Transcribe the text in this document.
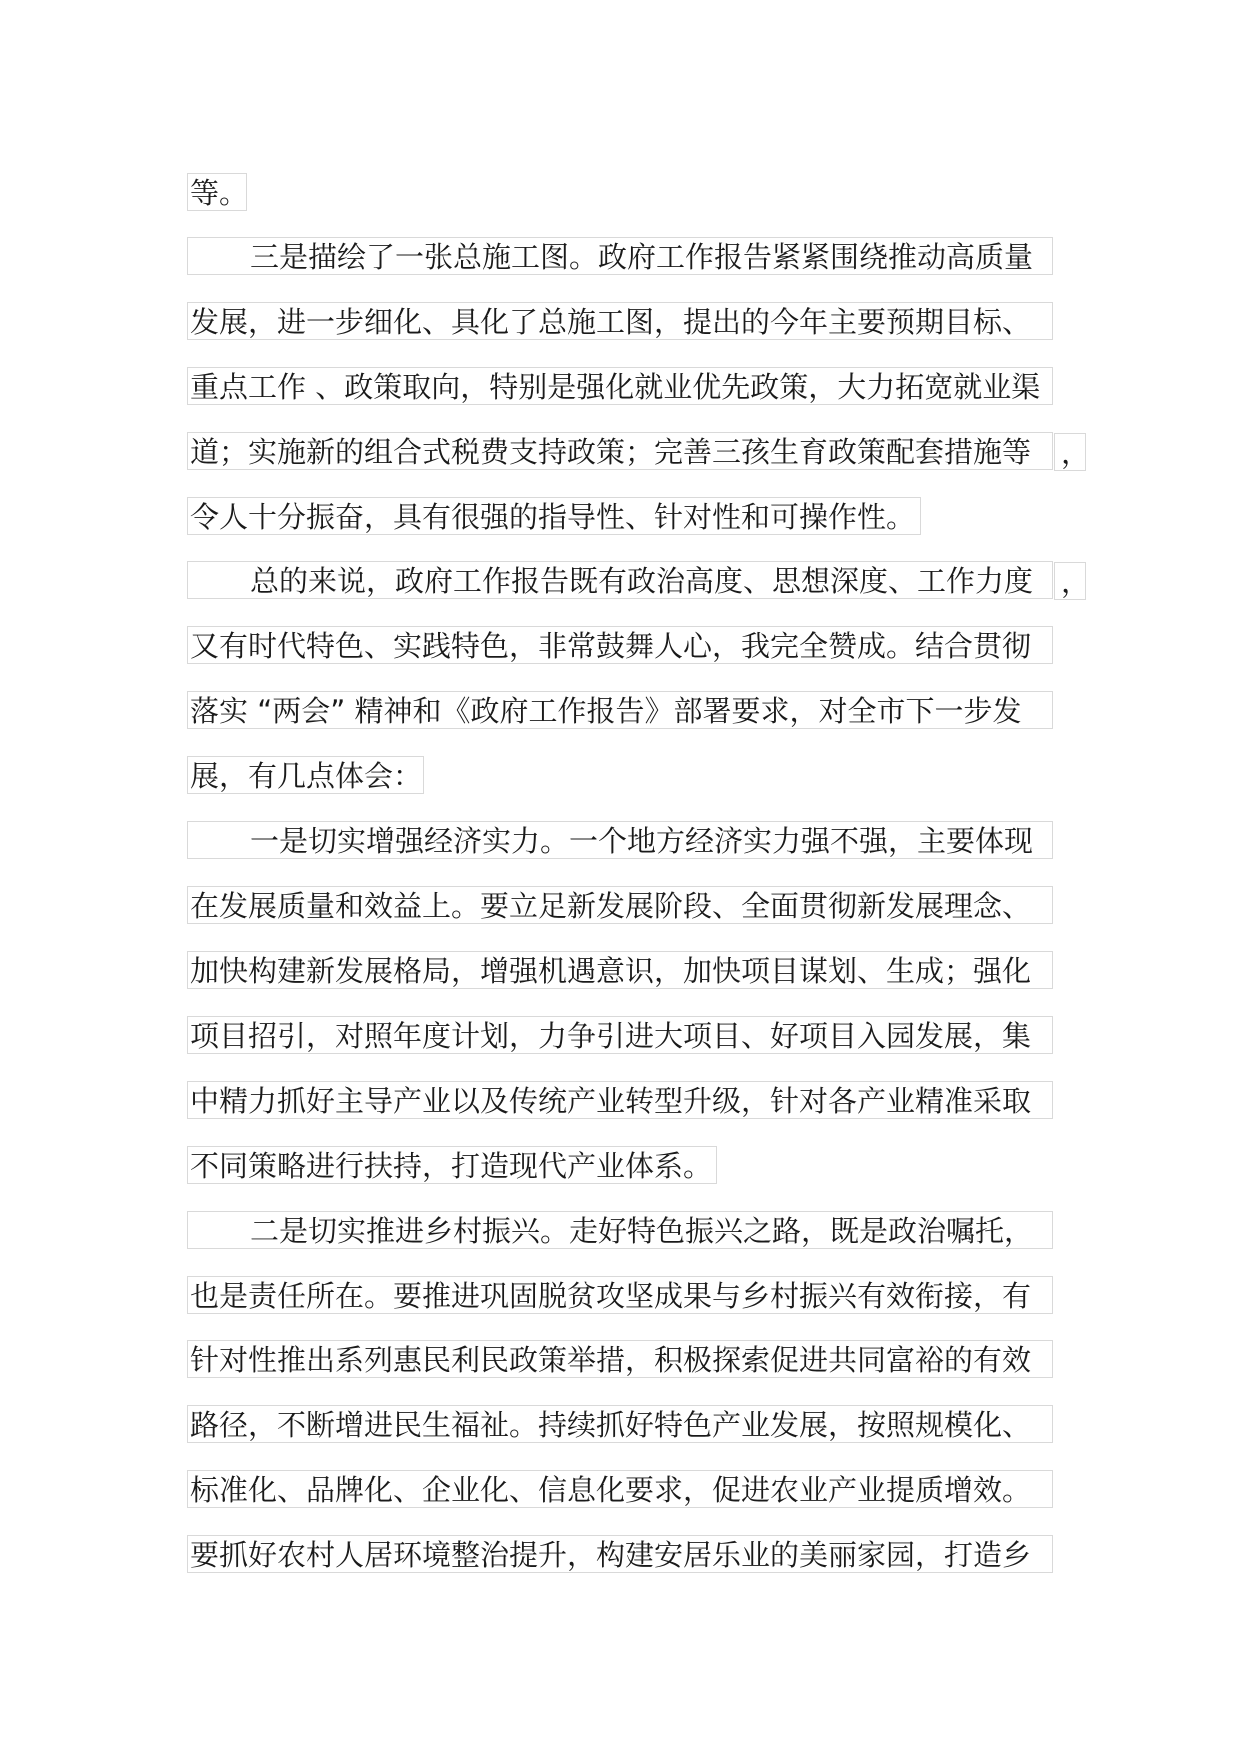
等。
三是描绘了一张总施工图。政府工作报告紧紧围绕推动高质量
发展，进一步细化、具化了总施工图，提出的今年主要预期目标、
重点工作 、政策取向，特别是强化就业优先政策，大力拓宽就业渠
道；实施新的组合式税费支持政策；完善三孩生育政策配套措施等 ，
令人十分振奋，具有很强的指导性、针对性和可操作性。
总的来说，政府工作报告既有政治高度、思想深度、工作力度 ，
又有时代特色、实践特色，非常鼓舞人心，我完全赞成。结合贯彻
落实 “两会” 精神和《政府工作报告》部署要求，对全市下一步发
展，有几点体会：
一是切实增强经济实力。一个地方经济实力强不强，主要体现
在发展质量和效益上。要立足新发展阶段、全面贯彻新发展理念、
加快构建新发展格局，增强机遇意识，加快项目谋划、生成；强化
项目招引，对照年度计划，力争引进大项目、好项目入园发展，集
中精力抓好主导产业以及传统产业转型升级，针对各产业精准采取
不同策略进行扶持，打造现代产业体系。
二是切实推进乡村振兴。走好特色振兴之路，既是政治嘱托，
也是责任所在。要推进巩固脱贫攻坚成果与乡村振兴有效衔接，有
针对性推出系列惠民利民政策举措，积极探索促进共同富裕的有效
路径，不断增进民生福祉。持续抓好特色产业发展，按照规模化、
标准化、品牌化、企业化、信息化要求，促进农业产业提质增效。
要抓好农村人居环境整治提升，构建安居乐业的美丽家园，打造乡
